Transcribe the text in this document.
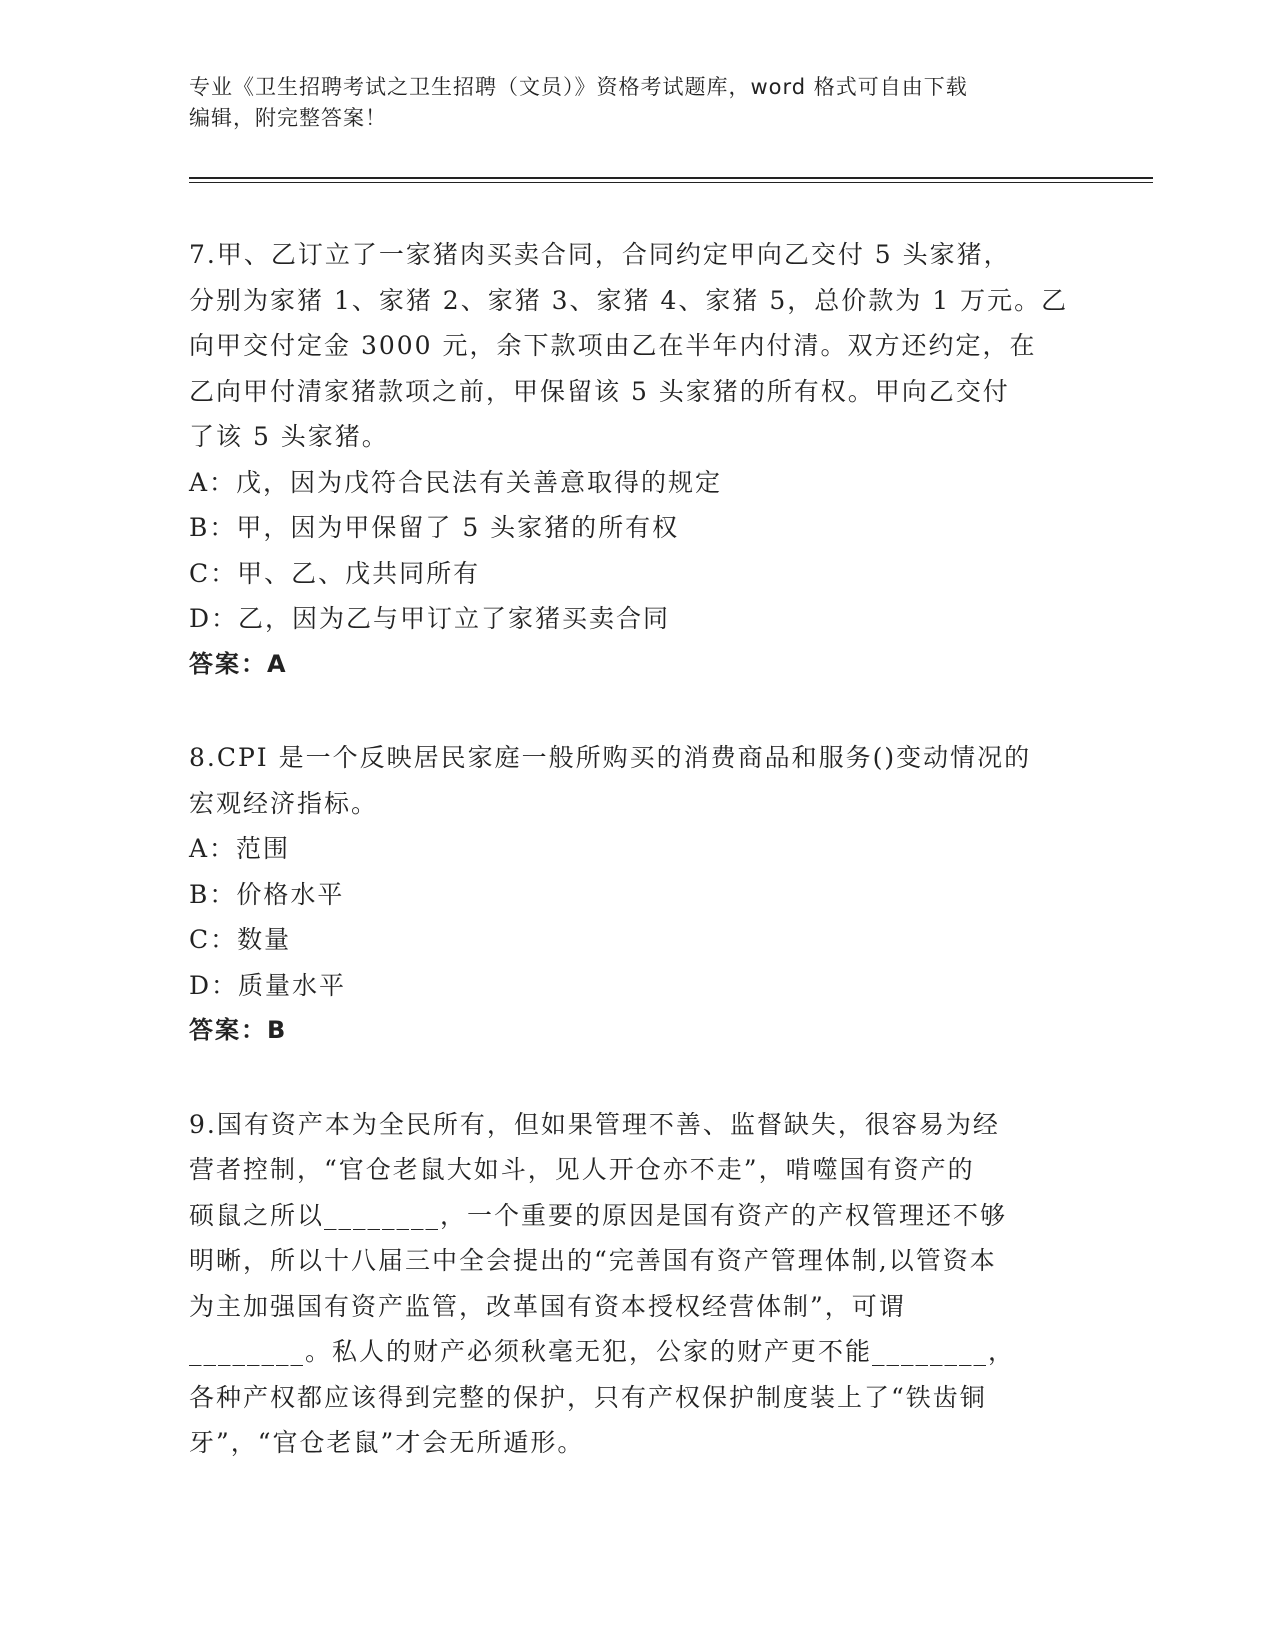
专业《卫生招聘考试之卫生招聘（文员）》资格考试题库，word 格式可自由下载
编辑，附完整答案！
7.甲、乙订立了一家猪肉买卖合同，合同约定甲向乙交付 5 头家猪，
分别为家猪 1、家猪 2、家猪 3、家猪 4、家猪 5，总价款为 1 万元。乙
向甲交付定金 3000 元，余下款项由乙在半年内付清。双方还约定，在
乙向甲付清家猪款项之前，甲保留该 5 头家猪的所有权。甲向乙交付
了该 5 头家猪。
A：戊，因为戊符合民法有关善意取得的规定
B：甲，因为甲保留了 5 头家猪的所有权
C：甲、乙、戊共同所有
D：乙，因为乙与甲订立了家猪买卖合同
答案：A
8.CPI 是一个反映居民家庭一般所购买的消费商品和服务()变动情况的
宏观经济指标。
A：范围
B：价格水平
C：数量
D：质量水平
答案：B
9.国有资产本为全民所有，但如果管理不善、监督缺失，很容易为经
营者控制，“官仓老鼠大如斗，见人开仓亦不走”，啃噬国有资产的
硕鼠之所以________，一个重要的原因是国有资产的产权管理还不够
明晰，所以十八届三中全会提出的“完善国有资产管理体制,以管资本
为主加强国有资产监管，改革国有资本授权经营体制”，可谓
________。私人的财产必须秋毫无犯，公家的财产更不能________，
各种产权都应该得到完整的保护，只有产权保护制度装上了“铁齿铜
牙”，“官仓老鼠”才会无所遁形。
